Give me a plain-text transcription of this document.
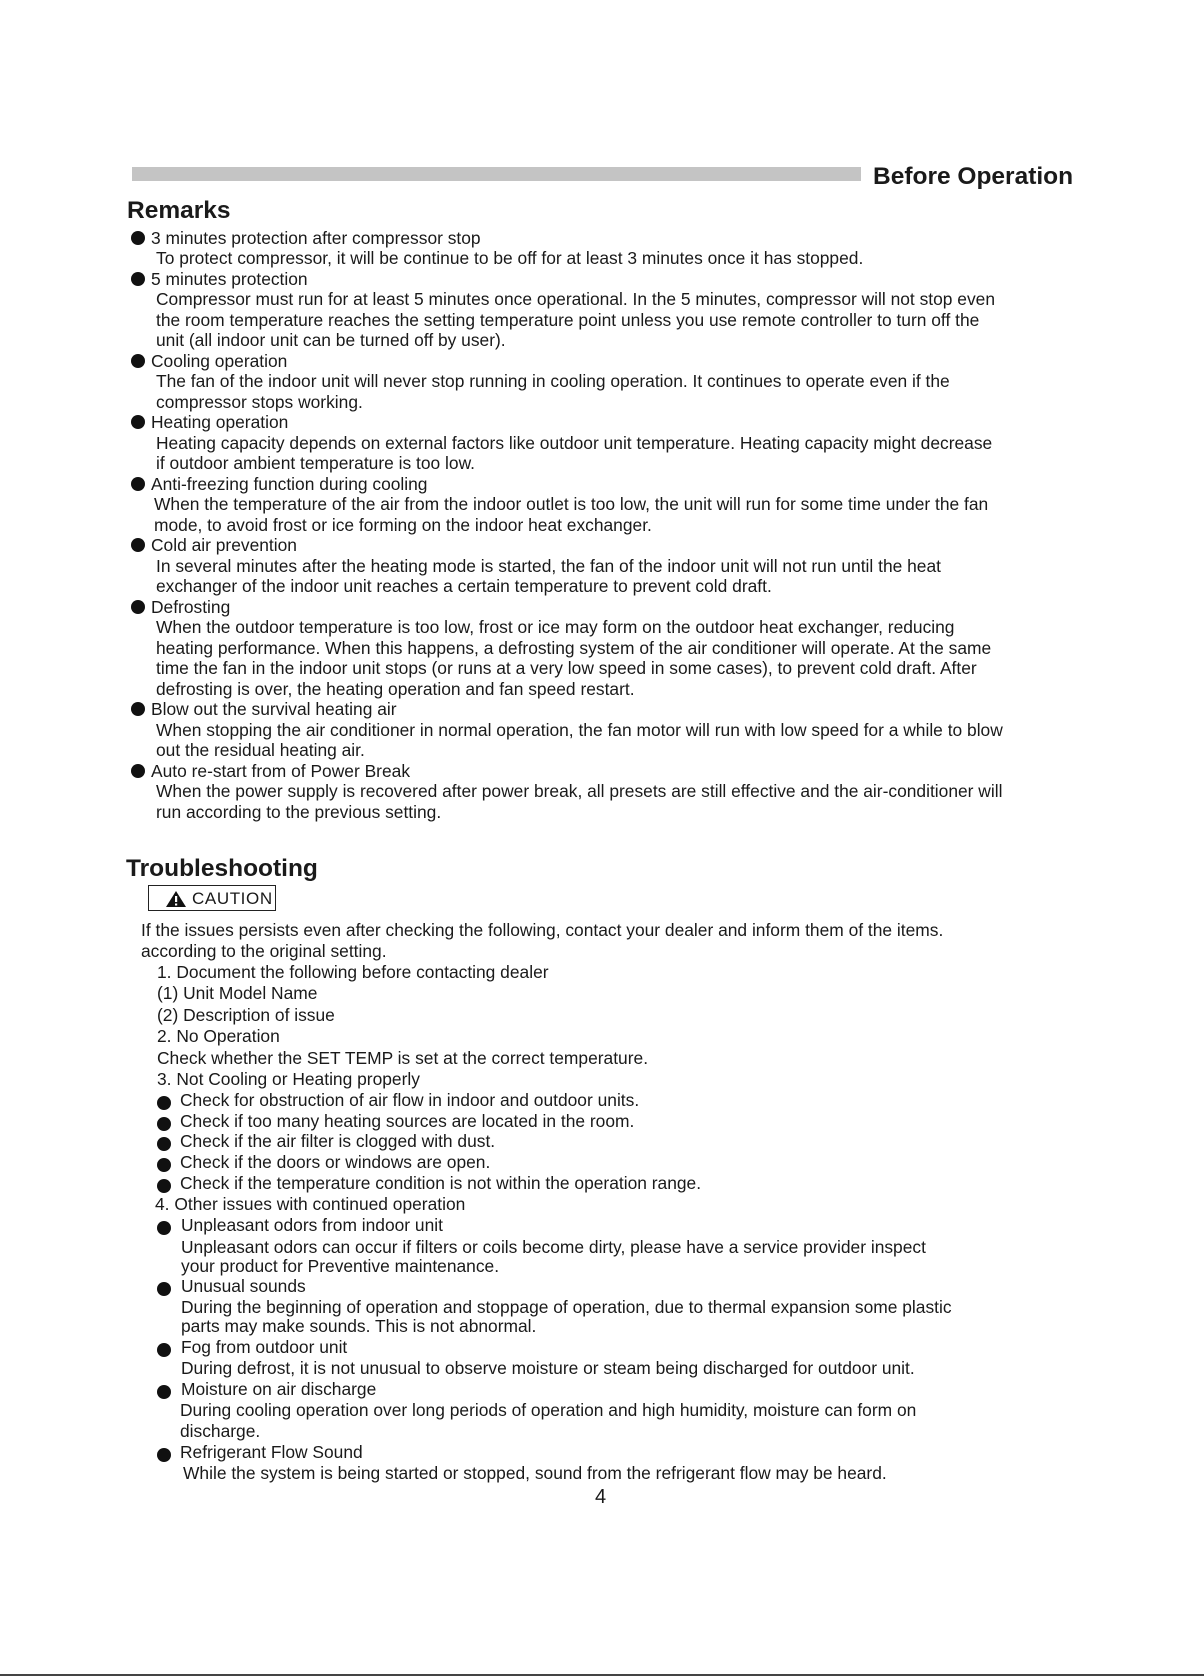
Before Operation
Remarks
3 minutes protection after compressor stop
To protect compressor, it will be continue to be off for at least 3 minutes once it has stopped.
5 minutes protection
Compressor must run for at least 5 minutes once operational. In the 5 minutes, compressor will not stop even
the room temperature reaches the setting temperature point unless you use remote controller to turn off the
unit (all indoor unit can be turned off by user).
Cooling operation
The fan of the indoor unit will never stop running in cooling operation. It continues to operate even if the
compressor stops working.
Heating operation
Heating capacity depends on external factors like outdoor unit temperature. Heating capacity might decrease
if outdoor ambient temperature is too low.
Anti-freezing function during cooling
When the temperature of the air from the indoor outlet is too low, the unit will run for some time under the fan
mode, to avoid frost or ice forming on the indoor heat exchanger.
Cold air prevention
In several minutes after the heating mode is started, the fan of the indoor unit will not run until the heat
exchanger of the indoor unit reaches a certain temperature to prevent cold draft.
Defrosting
When the outdoor temperature is too low, frost or ice may form on the outdoor heat exchanger, reducing
heating performance. When this happens, a defrosting system of the air conditioner will operate. At the same
time the fan in the indoor unit stops (or runs at a very low speed in some cases), to prevent cold draft. After
defrosting is over, the heating operation and fan speed restart.
Blow out the survival heating air
When stopping the air conditioner in normal operation, the fan motor will run with low speed for a while to blow
out the residual heating air.
Auto re-start from of Power Break
When the power supply is recovered after power break, all presets are still effective and the air-conditioner will
run according to the previous setting.
Troubleshooting
CAUTION
If the issues persists even after checking the following, contact your dealer and inform them of the items.
according to the original setting.
1. Document the following before contacting dealer
(1) Unit Model Name
(2) Description of issue
2. No Operation
Check whether the SET TEMP is set at the correct temperature.
3. Not Cooling or Heating properly
Check for obstruction of air flow in indoor and outdoor units.
Check if too many heating sources are located in the room.
Check if the air filter is clogged with dust.
Check if the doors or windows are open.
Check if the temperature condition is not within the operation range.
4. Other issues with continued operation
Unpleasant odors from indoor unit
Unpleasant odors can occur if filters or coils become dirty, please have a service provider inspect
your product for Preventive maintenance.
Unusual sounds
During the beginning of operation and stoppage of operation, due to thermal expansion some plastic
parts may make sounds. This is not abnormal.
Fog from outdoor unit
During defrost, it is not unusual to observe moisture or steam being discharged for outdoor unit.
Moisture on air discharge
During cooling operation over long periods of operation and high humidity, moisture can form on
discharge.
Refrigerant Flow Sound
While the system is being started or stopped, sound from the refrigerant flow may be heard.
4
